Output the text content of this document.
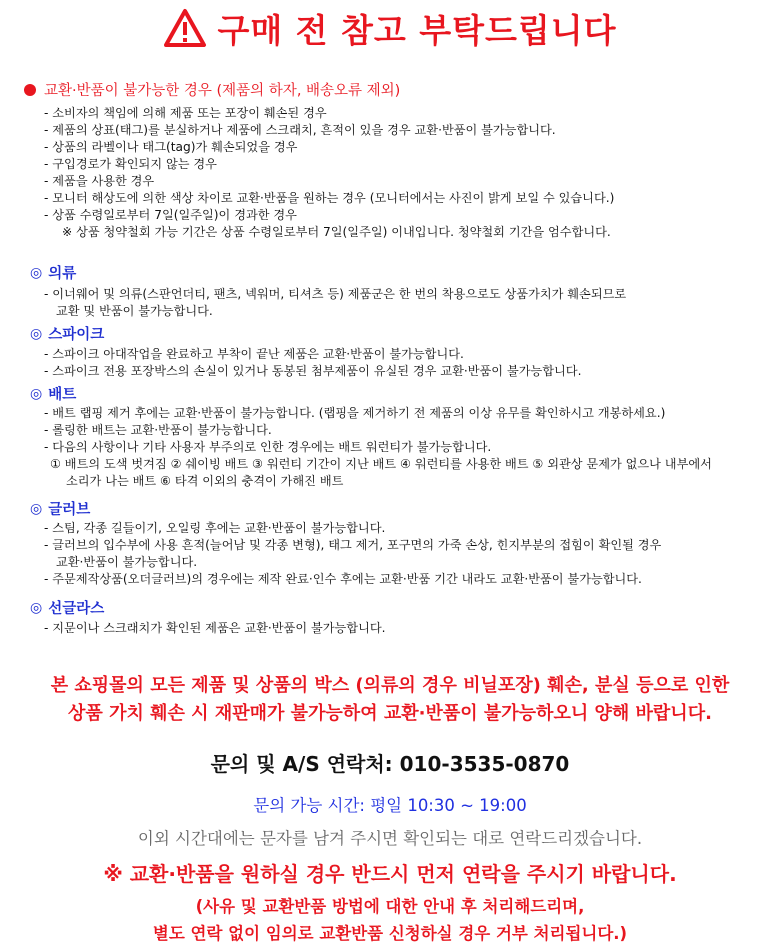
구매 전 참고 부탁드립니다
교환·반품이 불가능한 경우 (제품의 하자, 배송오류 제외)
- 소비자의 책임에 의해 제품 또는 포장이 훼손된 경우
- 제품의 상표(태그)를 분실하거나 제품에 스크래치, 흔적이 있을 경우 교환·반품이 불가능합니다.
- 상품의 라벨이나 태그(tag)가 훼손되었을 경우
- 구입경로가 확인되지 않는 경우
- 제품을 사용한 경우
- 모니터 해상도에 의한 색상 차이로 교환·반품을 원하는 경우 (모니터에서는 사진이 밝게 보일 수 있습니다.)
- 상품 수령일로부터 7일(일주일)이 경과한 경우
※ 상품 청약철회 가능 기간은 상품 수령일로부터 7일(일주일) 이내입니다. 청약철회 기간을 엄수합니다.
◎ 의류
- 이너웨어 및 의류(스판언더티, 팬츠, 넥워머, 티셔츠 등) 제품군은 한 번의 착용으로도 상품가치가 훼손되므로
교환 및 반품이 불가능합니다.
◎ 스파이크
- 스파이크 아대작업을 완료하고 부착이 끝난 제품은 교환·반품이 불가능합니다.
- 스파이크 전용 포장박스의 손실이 있거나 동봉된 첨부제품이 유실된 경우 교환·반품이 불가능합니다.
◎ 배트
- 배트 랩핑 제거 후에는 교환·반품이 불가능합니다. (랩핑을 제거하기 전 제품의 이상 유무를 확인하시고 개봉하세요.)
- 롤링한 배트는 교환·반품이 불가능합니다.
- 다음의 사항이나 기타 사용자 부주의로 인한 경우에는 배트 워런티가 불가능합니다.
① 배트의 도색 벗겨짐 ② 쉐이빙 배트 ③ 워런티 기간이 지난 배트 ④ 워런티를 사용한 배트 ⑤ 외관상 문제가 없으나 내부에서
소리가 나는 배트 ⑥ 타격 이외의 충격이 가해진 배트
◎ 글러브
- 스팀, 각종 길들이기, 오일링 후에는 교환·반품이 불가능합니다.
- 글러브의 입수부에 사용 흔적(늘어남 및 각종 변형), 태그 제거, 포구면의 가죽 손상, 힌지부분의 접힘이 확인될 경우
교환·반품이 불가능합니다.
- 주문제작상품(오더글러브)의 경우에는 제작 완료·인수 후에는 교환·반품 기간 내라도 교환·반품이 불가능합니다.
◎ 선글라스
- 지문이나 스크래치가 확인된 제품은 교환·반품이 불가능합니다.
본 쇼핑몰의 모든 제품 및 상품의 박스 (의류의 경우 비닐포장) 훼손, 분실 등으로 인한
상품 가치 훼손 시 재판매가 불가능하여 교환·반품이 불가능하오니 양해 바랍니다.
문의 및 A/S 연락처: 010-3535-0870
문의 가능 시간: 평일 10:30 ~ 19:00
이외 시간대에는 문자를 남겨 주시면 확인되는 대로 연락드리겠습니다.
※ 교환·반품을 원하실 경우 반드시 먼저 연락을 주시기 바랍니다.
(사유 및 교환반품 방법에 대한 안내 후 처리해드리며,
별도 연락 없이 임의로 교환반품 신청하실 경우 거부 처리됩니다.)
